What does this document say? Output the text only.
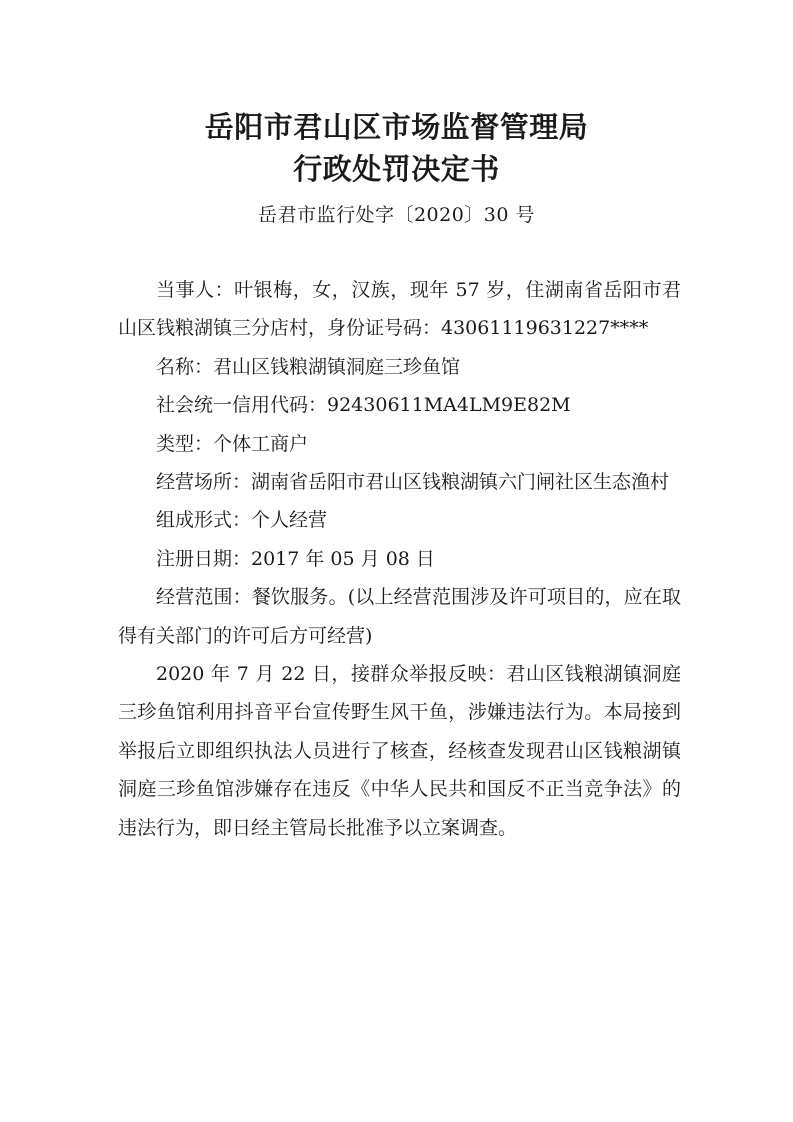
岳阳市君山区市场监督管理局
行政处罚决定书
岳君市监行处字〔2020〕30 号

当事人：叶银梅，女，汉族，现年 57 岁，住湖南省岳阳市君山区钱粮湖镇三分店村，身份证号码：43061119631227****

名称：君山区钱粮湖镇洞庭三珍鱼馆

社会统一信用代码：92430611MA4LM9E82M

类型：个体工商户

经营场所：湖南省岳阳市君山区钱粮湖镇六门闸社区生态渔村

组成形式：个人经营

注册日期：2017 年 05 月 08 日

经营范围：餐饮服务。(以上经营范围涉及许可项目的，应在取得有关部门的许可后方可经营)

2020 年 7 月 22 日，接群众举报反映：君山区钱粮湖镇洞庭三珍鱼馆利用抖音平台宣传野生风干鱼，涉嫌违法行为。本局接到举报后立即组织执法人员进行了核查，经核查发现君山区钱粮湖镇洞庭三珍鱼馆涉嫌存在违反《中华人民共和国反不正当竞争法》的违法行为，即日经主管局长批准予以立案调查。
